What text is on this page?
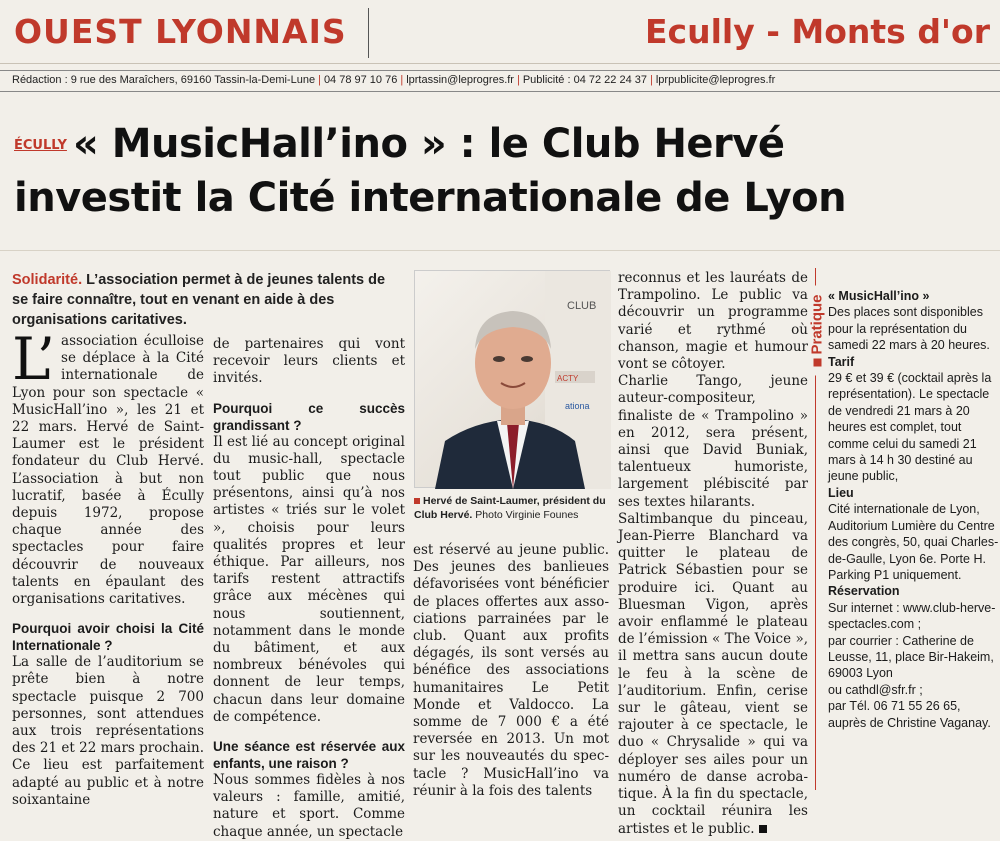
OUEST LYONNAIS	Ecully - Monts d'or
Rédaction : 9 rue des Maraîchers, 69160 Tassin-la-Demi-Lune | 04 78 97 10 76 | lprtassin@leprogres.fr | Publicité : 04 72 22 24 37 | lprpublicite@leprogres.fr
ÉCULLY « MusicHall’ino » : le Club Hervé
investit la Cité internationale de Lyon
Solidarité. L’association permet à de jeunes talents de se faire connaître, tout en venant en aide à des organisations caritatives.

L’ association éculloise se déplace à la Cité internationale de Lyon pour son spectacle « MusicHall’ino », les 21 et 22 mars. Hervé de Saint-Laumer est le président fondateur du Club Hervé. L’association à but non lucratif, basée à Écully depuis 1972, propose chaque année des spectacles pour faire découvrir de nouveaux talents en épaulant des organisations caritatives.

Pourquoi avoir choisi la Cité Internationale ?

La salle de l’auditorium se prête bien à notre spectacle puisque 2 700 personnes, sont attendues aux trois représentations des 21 et 22 mars prochain. Ce lieu est parfaitement adapté au public et à notre soixantaine

de partenaires qui vont recevoir leurs clients et invités.

Pourquoi ce succès grandissant ?

Il est lié au concept original du music-hall, spectacle tout public que nous présentons, ainsi qu’à nos artistes « triés sur le volet », choisis pour leurs qualités propres et leur éthique. Par ailleurs, nos tarifs restent attractifs grâce aux mécènes qui nous soutiennent, notamment dans le monde du bâtiment, et aux nombreux bénévoles qui donnent de leur temps, chacun dans leur domaine de compétence.

Une séance est réservée aux enfants, une raison ?

Nous sommes fidèles à nos valeurs : famille, amitié, nature et sport. Comme chaque année, un spectacle

CLUB
ACTY
ationa
Hervé de Saint-Laumer, président du Club Hervé. Photo Virginie Founes

est réservé au jeune public. Des jeunes des banlieues défavorisées vont bénéficier de places offertes aux associations parrainées par le club. Quant aux profits dégagés, ils sont versés au bénéfice des associations humanitaires Le Petit Monde et Valdocco. La somme de 7 000 € a été reversée en 2013. Un mot sur les nouveautés du spectacle ? MusicHall’ino va réunir à la fois des talents

reconnus et les lauréats de Trampolino. Le public va découvrir un programme varié et rythmé où chanson, magie et humour vont se côtoyer.

Charlie Tango, jeune auteur-compositeur, finaliste de « Trampolino » en 2012, sera présent, ainsi que David Buniak, talentueux humoriste, largement plébiscité par ses textes hilarants.

Saltimbanque du pinceau, Jean-Pierre Blanchard va quitter le plateau de Patrick Sébastien pour se produire ici. Quant au Bluesman Vigon, après avoir enflammé le plateau de l’émission « The Voice », il mettra sans aucun doute le feu à la scène de l’auditorium. Enfin, cerise sur le gâteau, vient se rajouter à ce spectacle, le duo « Chrysalide » qui va déployer ses ailes pour un numéro de danse acrobatique. À la fin du spectacle, un cocktail réunira les artistes et le public.

Pratique « MusicHall’ino »
Des places sont disponibles pour la représentation du samedi 22 mars à 20 heures.
Tarif
29 € et 39 € (cocktail après la représentation). Le spectacle de vendredi 21 mars à 20 heures est complet, tout comme celui du samedi 21 mars à 14 h 30 destiné au jeune public,
Lieu
Cité internationale de Lyon, Auditorium Lumière du Centre des congrès, 50, quai Charles-de-Gaulle, Lyon 6e. Porte H. Parking P1 uniquement.
Réservation
Sur internet : www.club-herve-spectacles.com ;
par courrier : Catherine de Leusse, 11, place Bir-Hakeim, 69003 Lyon
ou cathdl@sfr.fr ;
par Tél. 06 71 55 26 65, auprès de Christine Vaganay.
